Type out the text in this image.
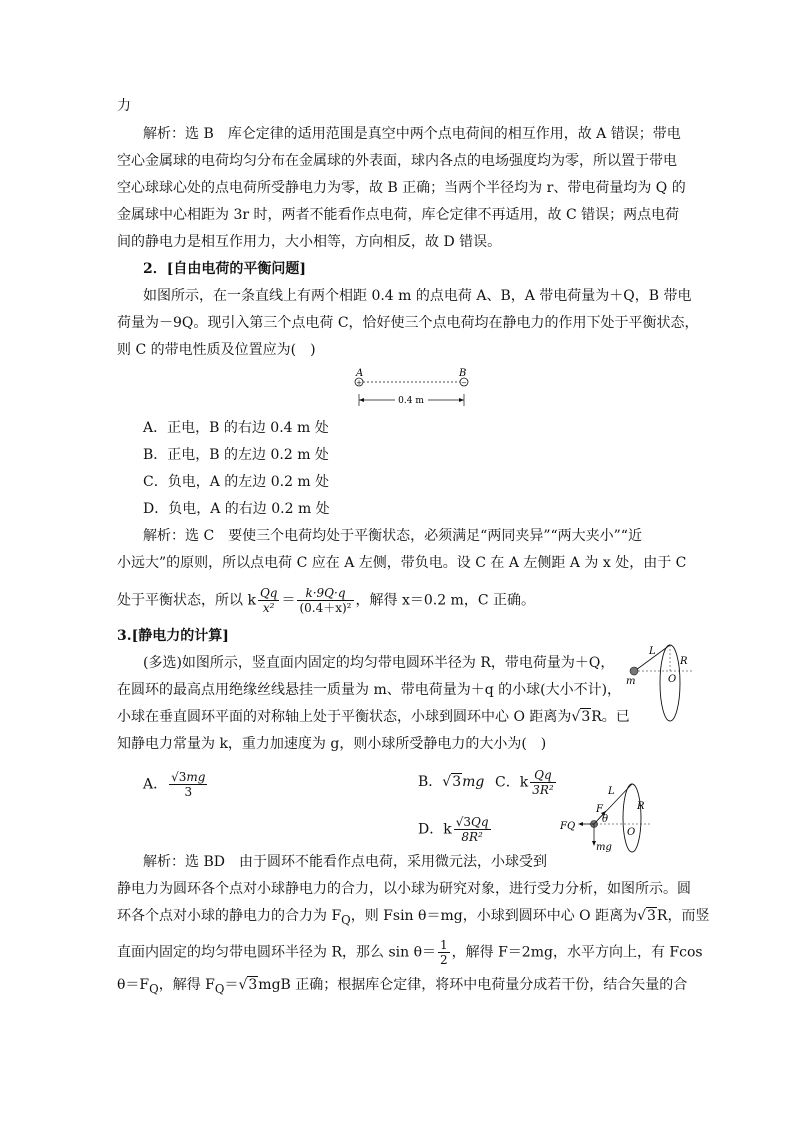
力
解析：选 B　库仑定律的适用范围是真空中两个点电荷间的相互作用，故 A 错误；带电
空心金属球的电荷均匀分布在金属球的外表面，球内各点的电场强度均为零，所以置于带电
空心球球心处的点电荷所受静电力为零，故 B 正确；当两个半径均为 r、带电荷量均为 Q 的
金属球中心相距为 3r 时，两者不能看作点电荷，库仑定律不再适用，故 C 错误；两点电荷
间的静电力是相互作用力，大小相等，方向相反，故 D 错误。
2．[自由电荷的平衡问题]
如图所示，在一条直线上有两个相距 0.4 m 的点电荷 A、B，A 带电荷量为＋Q，B 带电
荷量为－9Q。现引入第三个点电荷 C，恰好使三个点电荷均在静电力的作用下处于平衡状态，
则 C 的带电性质及位置应为(　)
A	B
+	−
0.4 m
A．正电，B 的右边 0.4 m 处
B．正电，B 的左边 0.2 m 处
C．负电，A 的左边 0.2 m 处
D．负电，A 的右边 0.2 m 处
解析：选 C　要使三个电荷均处于平衡状态，必须满足“两同夹异”“两大夹小”“近
小远大”的原则，所以点电荷 C 应在 A 左侧，带负电。设 C 在 A 左侧距 A 为 x 处，由于 C
处于平衡状态，所以 k $\frac{Qq}{\text{x²}} = \frac{k\cdot 9Q\cdot q}{\text{(0.4＋x)²}}$ ，解得 x＝0.2 m，C 正确。
3.[静电力的计算]
(多选)如图所示，竖直面内固定的均匀带电圆环半径为 R，带电荷量为＋Q，
在圆环的最高点用绝缘丝线悬挂一质量为 m、带电荷量为＋q 的小球(大小不计)，
小球在垂直圆环平面的对称轴上处于平衡状态，小球到圆环中心 O 距离为√3R。已
知静电力常量为 k，重力加速度为 g，则小球所受静电力的大小为(　)
L
R
O
m
A． $\frac{√3mg}{3}$	B．√3mg C．k $\frac{Qq}{\text{3R²}}$
D．k $\frac{√3Qq}{\text{8R²}}$
L
F
θ
R
O
FQ
mg
解析：选 BD　由于圆环不能看作点电荷，采用微元法，小球受到
静电力为圆环各个点对小球静电力的合力，以小球为研究对象，进行受力分析，如图所示。圆
环各个点对小球的静电力的合力为 $F_Q$，则 Fsin θ＝mg，小球到圆环中心 O 距离为√3R，而竖
直面内固定的均匀带电圆环半径为 R，那么 $\sin \theta= \frac{1}{2}$ ，解得 F＝2mg，水平方向上，有 Fcos
$\theta=F_Q$，解得 $F_Q=√3mgB$ 正确；根据库仑定律，将环中电荷量分成若干份，结合矢量的合
